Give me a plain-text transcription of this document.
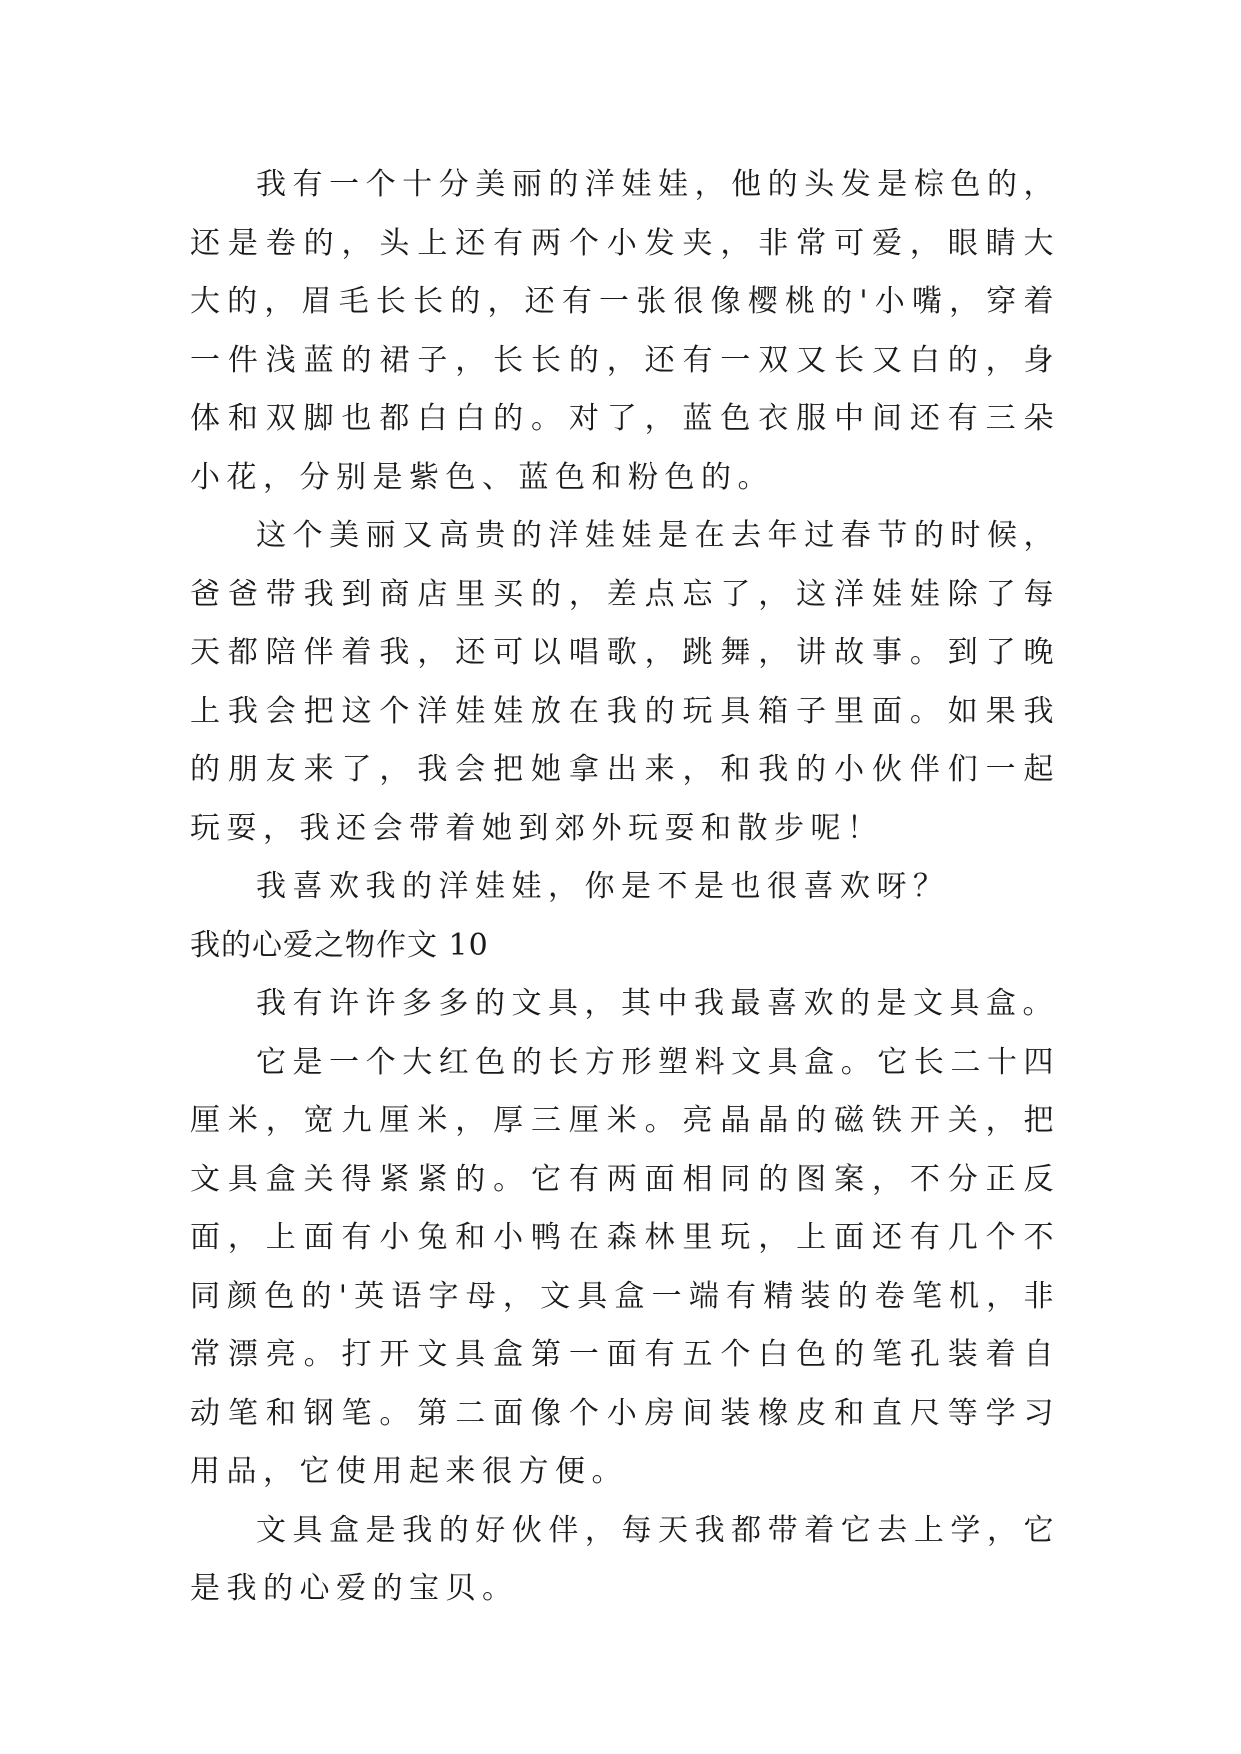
我有一个十分美丽的洋娃娃，他的头发是棕色的，还是卷的，头上还有两个小发夹，非常可爱，眼睛大大的，眉毛长长的，还有一张很像樱桃的'小嘴，穿着一件浅蓝的裙子，长长的，还有一双又长又白的，身体和双脚也都白白的。对了，蓝色衣服中间还有三朵小花，分别是紫色、蓝色和粉色的。

这个美丽又高贵的洋娃娃是在去年过春节的时候，爸爸带我到商店里买的，差点忘了，这洋娃娃除了每天都陪伴着我，还可以唱歌，跳舞，讲故事。到了晚上我会把这个洋娃娃放在我的玩具箱子里面。如果我的朋友来了，我会把她拿出来，和我的小伙伴们一起玩耍，我还会带着她到郊外玩耍和散步呢！

我喜欢我的洋娃娃，你是不是也很喜欢呀？

我的心爱之物作文 10

我有许许多多的文具，其中我最喜欢的是文具盒。

它是一个大红色的长方形塑料文具盒。它长二十四厘米，宽九厘米，厚三厘米。亮晶晶的磁铁开关，把文具盒关得紧紧的。它有两面相同的图案，不分正反面，上面有小兔和小鸭在森林里玩，上面还有几个不同颜色的'英语字母，文具盒一端有精装的卷笔机，非常漂亮。打开文具盒第一面有五个白色的笔孔装着自动笔和钢笔。第二面像个小房间装橡皮和直尺等学习用品，它使用起来很方便。

文具盒是我的好伙伴，每天我都带着它去上学，它是我的心爱的宝贝。
